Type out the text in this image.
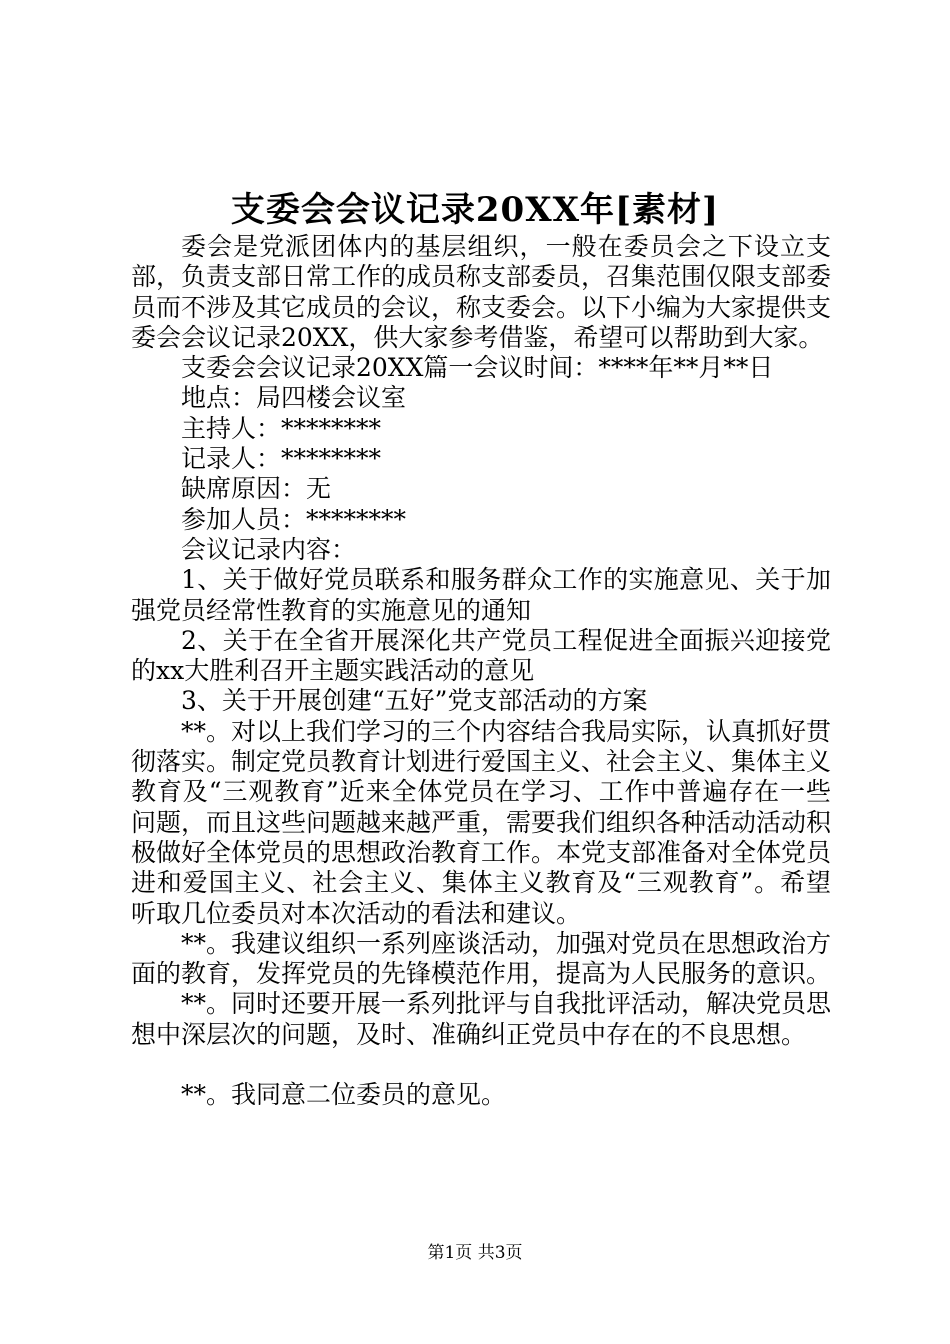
支委会会议记录20XX年[素材]

委会是党派团体内的基层组织，一般在委员会之下设立支部，负责支部日常工作的成员称支部委员，召集范围仅限支部委员而不涉及其它成员的会议，称支委会。以下小编为大家提供支委会会议记录20XX，供大家参考借鉴，希望可以帮助到大家。

支委会会议记录20XX篇一会议时间：****年**月**日

地点：局四楼会议室

主持人：********

记录人：********

缺席原因：无

参加人员：********

会议记录内容：

1、关于做好党员联系和服务群众工作的实施意见、关于加强党员经常性教育的实施意见的通知

2、关于在全省开展深化共产党员工程促进全面振兴迎接党的xx大胜利召开主题实践活动的意见

3、关于开展创建“五好”党支部活动的方案

**。对以上我们学习的三个内容结合我局实际，认真抓好贯彻落实。制定党员教育计划进行爱国主义、社会主义、集体主义教育及“三观教育”近来全体党员在学习、工作中普遍存在一些问题，而且这些问题越来越严重，需要我们组织各种活动活动积极做好全体党员的思想政治教育工作。本党支部准备对全体党员进和爱国主义、社会主义、集体主义教育及“三观教育”。希望听取几位委员对本次活动的看法和建议。

**。我建议组织一系列座谈活动，加强对党员在思想政治方面的教育，发挥党员的先锋模范作用，提高为人民服务的意识。

**。同时还要开展一系列批评与自我批评活动，解决党员思想中深层次的问题，及时、准确纠正党员中存在的不良思想。

**。我同意二位委员的意见。

第1页 共3页
